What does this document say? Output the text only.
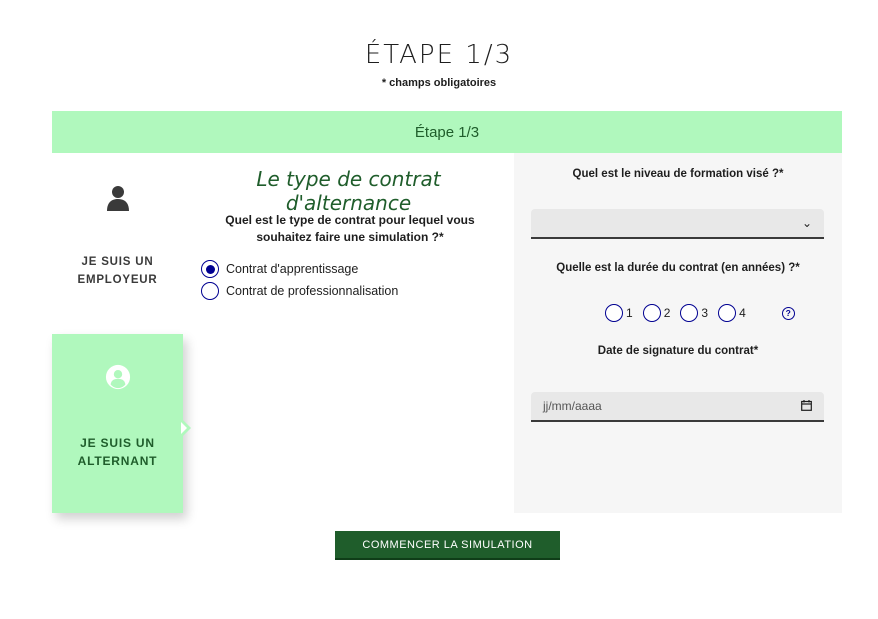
ÉTAPE 1/3
* champs obligatoires
Étape 1/3
JE SUIS UN
EMPLOYEUR
JE SUIS UN
ALTERNANT
Le type de contrat d'alternance
Quel est le type de contrat pour lequel vous souhaitez faire une simulation ?*
Contrat d'apprentissage
Contrat de professionnalisation
Quel est le niveau de formation visé ?*
⌄
Quelle est la durée du contrat (en années) ?*
1	2	3	4	?
Date de signature du contrat*
jj/mm/aaaa
COMMENCER LA SIMULATION
